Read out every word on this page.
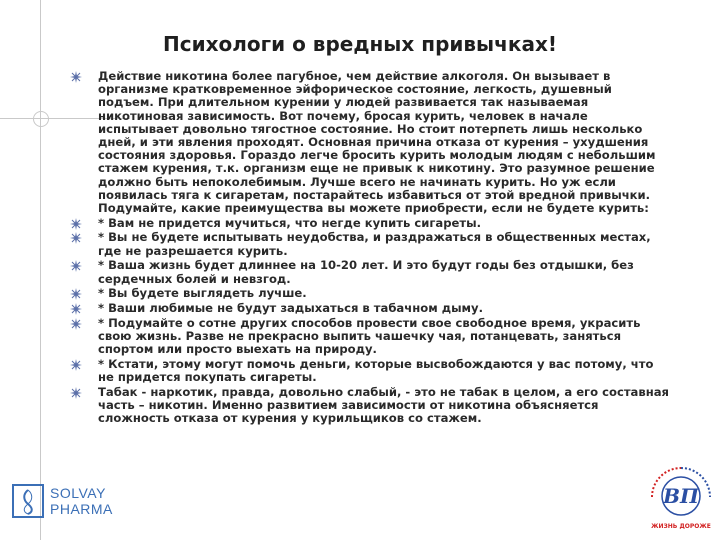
Психологи о вредных привычках!
Действие никотина более пагубное, чем действие алкоголя. Он вызывает в организме кратковременное эйфорическое состояние, легкость, душевный подъем. При длительном курении у людей развивается так называемая никотиновая зависимость. Вот почему, бросая курить, человек в начале испытывает довольно тягостное состояние. Но стоит потерпеть лишь несколько дней, и эти явления проходят. Основная причина отказа от курения – ухудшения состояния здоровья. Гораздо легче бросить курить молодым людям с небольшим стажем курения, т.к. организм еще не привык к никотину. Это разумное решение должно быть непоколебимым. Лучше всего не начинать курить. Но уж если появилась тяга к сигаретам, постарайтесь избавиться от этой вредной привычки. Подумайте, какие преимущества вы можете приобрести, если не будете курить:
* Вам не придется мучиться, что негде купить сигареты.
* Вы не будете испытывать неудобства, и раздражаться в общественных местах, где не разрешается курить.
* Ваша жизнь будет длиннее на 10-20 лет. И это будут годы без отдышки, без сердечных болей и невзгод.
* Вы будете выглядеть лучше.
* Ваши любимые не будут задыхаться в табачном дыму.
* Подумайте о сотне других способов провести свое свободное время, украсить свою жизнь. Разве не прекрасно выпить чашечку чая, потанцевать, заняться спортом или просто выехать на природу.
* Кстати, этому могут помочь деньги, которые высвобождаются у вас потому, что не придется покупать сигареты.
Табак - наркотик, правда, довольно слабый, - это не табак в целом, а его составная часть – никотин. Именно развитием зависимости от никотина объясняется сложность отказа от курения у курильщиков со стажем.
SOLVAY
PHARMA
ВП
ЖИЗНЬ ДОРОЖЕ
